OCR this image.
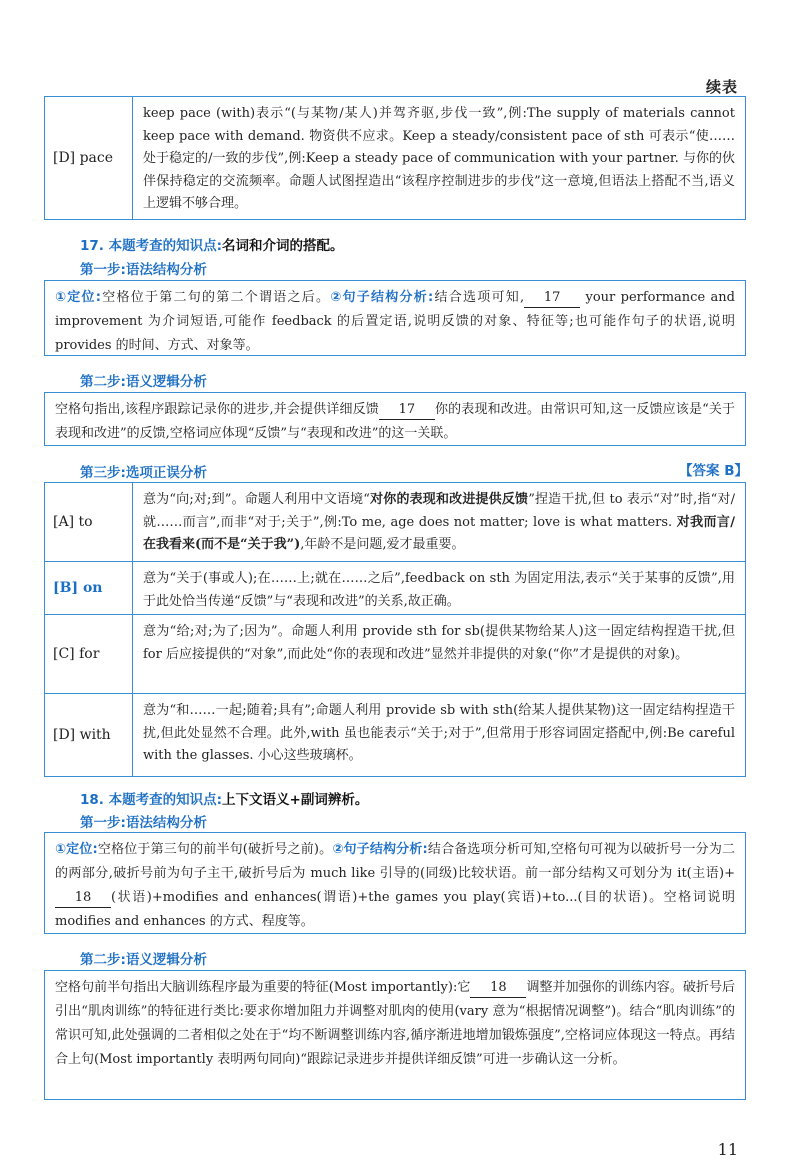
续表
[D] pace
keep pace (with)表示“(与某物/某人)并驾齐驱,步伐一致”,例:The supply of materials cannot keep pace with demand. 物资供不应求。Keep a steady/consistent pace of sth 可表示“使……处于稳定的/一致的步伐”,例:Keep a steady pace of communication with your partner. 与你的伙伴保持稳定的交流频率。命题人试图捏造出“该程序控制进步的步伐”这一意境,但语法上搭配不当,语义上逻辑不够合理。
17. 本题考查的知识点:名词和介词的搭配。
第一步:语法结构分析
①定位:空格位于第二句的第二个谓语之后。②句子结构分析:结合选项可知, 17 your performance and improvement 为介词短语,可能作 feedback 的后置定语,说明反馈的对象、特征等;也可能作句子的状语,说明 provides 的时间、方式、对象等。
第二步:语义逻辑分析
空格句指出,该程序跟踪记录你的进步,并会提供详细反馈 17 你的表现和改进。由常识可知,这一反馈应该是“关于表现和改进”的反馈,空格词应体现“反馈”与“表现和改进”的这一关联。
第三步:选项正误分析	【答案 B】
[A] to
意为“向;对;到”。命题人利用中文语境“对你的表现和改进提供反馈”捏造干扰,但 to 表示“对”时,指“对/就……而言”,而非“对于;关于”,例:To me, age does not matter; love is what matters. 对我而言/在我看来(而不是“关于我”),年龄不是问题,爱才最重要。
[B] on
意为“关于(事或人);在……上;就在……之后”,feedback on sth 为固定用法,表示“关于某事的反馈”,用于此处恰当传递“反馈”与“表现和改进”的关系,故正确。
[C] for
意为“给;对;为了;因为”。命题人利用 provide sth for sb(提供某物给某人)这一固定结构捏造干扰,但 for 后应接提供的“对象”,而此处“你的表现和改进”显然并非提供的对象(“你”才是提供的对象)。
[D] with
意为“和……一起;随着;具有”;命题人利用 provide sb with sth(给某人提供某物)这一固定结构捏造干扰,但此处显然不合理。此外,with 虽也能表示“关于;对于”,但常用于形容词固定搭配中,例:Be careful with the glasses. 小心这些玻璃杯。
18. 本题考查的知识点:上下文语义+副词辨析。
第一步:语法结构分析
①定位:空格位于第三句的前半句(破折号之前)。②句子结构分析:结合备选项分析可知,空格句可视为以破折号一分为二的两部分,破折号前为句子主干,破折号后为 much like 引导的(同级)比较状语。前一部分结构又可划分为 it(主语)+18 (状语)+modifies and enhances(谓语)+the games you play(宾语)+to...(目的状语)。空格词说明 modifies and enhances 的方式、程度等。
第二步:语义逻辑分析
空格句前半句指出大脑训练程序最为重要的特征(Most importantly):它 18 调整并加强你的训练内容。破折号后引出“肌肉训练”的特征进行类比:要求你增加阻力并调整对肌肉的使用(vary 意为“根据情况调整”)。结合“肌肉训练”的常识可知,此处强调的二者相似之处在于“均不断调整训练内容,循序渐进地增加锻炼强度”,空格词应体现这一特点。再结合上句(Most importantly 表明两句同向)“跟踪记录进步并提供详细反馈”可进一步确认这一分析。
11
